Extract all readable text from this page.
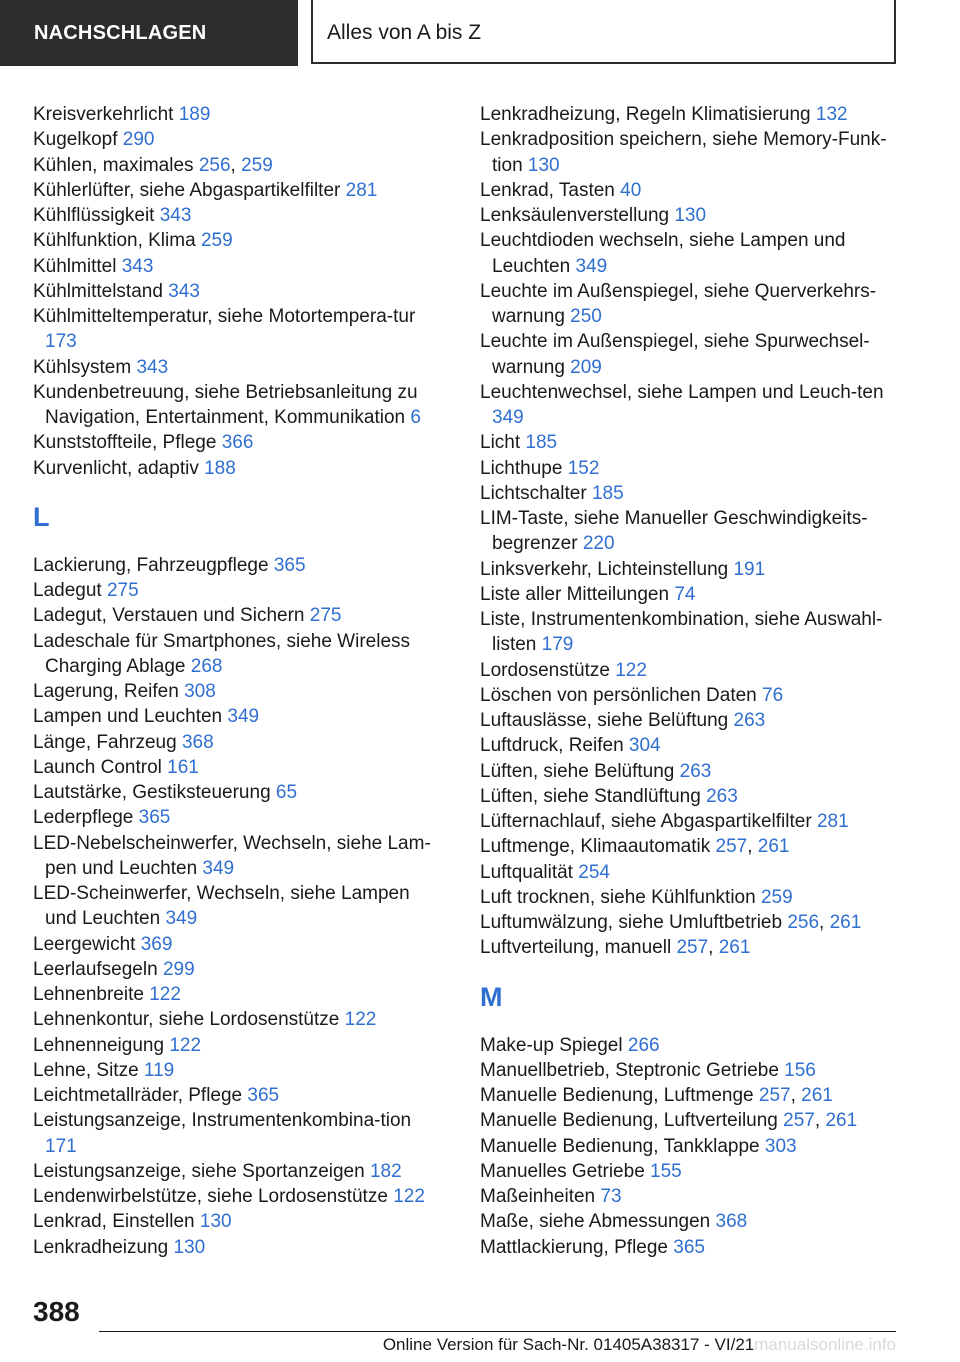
NACHSCHLAGEN	Alles von A bis Z
Kreisverkehrlicht 189
Kugelkopf 290
Kühlen, maximales 256, 259
Kühlerlüfter, siehe Abgaspartikelfilter 281
Kühlflüssigkeit 343
Kühlfunktion, Klima 259
Kühlmittel 343
Kühlmittelstand 343
Kühlmitteltemperatur, siehe Motortempera‐tur 173
Kühlsystem 343
Kundenbetreuung, siehe Betriebsanleitung zu Navigation, Entertainment, Kommunikation 6
Kunststoffteile, Pflege 366
Kurvenlicht, adaptiv 188
L
Lackierung, Fahrzeugpflege 365
Ladegut 275
Ladegut, Verstauen und Sichern 275
Ladeschale für Smartphones, siehe Wireless Charging Ablage 268
Lagerung, Reifen 308
Lampen und Leuchten 349
Länge, Fahrzeug 368
Launch Control 161
Lautstärke, Gestiksteuerung 65
Lederpflege 365
LED-Nebelscheinwerfer, Wechseln, siehe Lam‐pen und Leuchten 349
LED-Scheinwerfer, Wechseln, siehe Lampen und Leuchten 349
Leergewicht 369
Leerlaufsegeln 299
Lehnenbreite 122
Lehnenkontur, siehe Lordosenstütze 122
Lehnenneigung 122
Lehne, Sitze 119
Leichtmetallräder, Pflege 365
Leistungsanzeige, Instrumentenkombina‐tion 171
Leistungsanzeige, siehe Sportanzeigen 182
Lendenwirbelstütze, siehe Lordosenstütze 122
Lenkrad, Einstellen 130
Lenkradheizung 130
Lenkradheizung, Regeln Klimatisierung 132
Lenkradposition speichern, siehe Memory-Funk‐tion 130
Lenkrad, Tasten 40
Lenksäulenverstellung 130
Leuchtdioden wechseln, siehe Lampen und Leuchten 349
Leuchte im Außenspiegel, siehe Querverkehrs‐warnung 250
Leuchte im Außenspiegel, siehe Spurwechsel‐warnung 209
Leuchtenwechsel, siehe Lampen und Leuch‐ten 349
Licht 185
Lichthupe 152
Lichtschalter 185
LIM-Taste, siehe Manueller Geschwindigkeits‐begrenzer 220
Linksverkehr, Lichteinstellung 191
Liste aller Mitteilungen 74
Liste, Instrumentenkombination, siehe Auswahl‐listen 179
Lordosenstütze 122
Löschen von persönlichen Daten 76
Luftauslässe, siehe Belüftung 263
Luftdruck, Reifen 304
Lüften, siehe Belüftung 263
Lüften, siehe Standlüftung 263
Lüfternachlauf, siehe Abgaspartikelfilter 281
Luftmenge, Klimaautomatik 257, 261
Luftqualität 254
Luft trocknen, siehe Kühlfunktion 259
Luftumwälzung, siehe Umluftbetrieb 256, 261
Luftverteilung, manuell 257, 261
M
Make-up Spiegel 266
Manuellbetrieb, Steptronic Getriebe 156
Manuelle Bedienung, Luftmenge 257, 261
Manuelle Bedienung, Luftverteilung 257, 261
Manuelle Bedienung, Tankklappe 303
Manuelles Getriebe 155
Maßeinheiten 73
Maße, siehe Abmessungen 368
Mattlackierung, Pflege 365
388
Online Version für Sach-Nr. 01405A38317 - VI/21manualsonline.info
